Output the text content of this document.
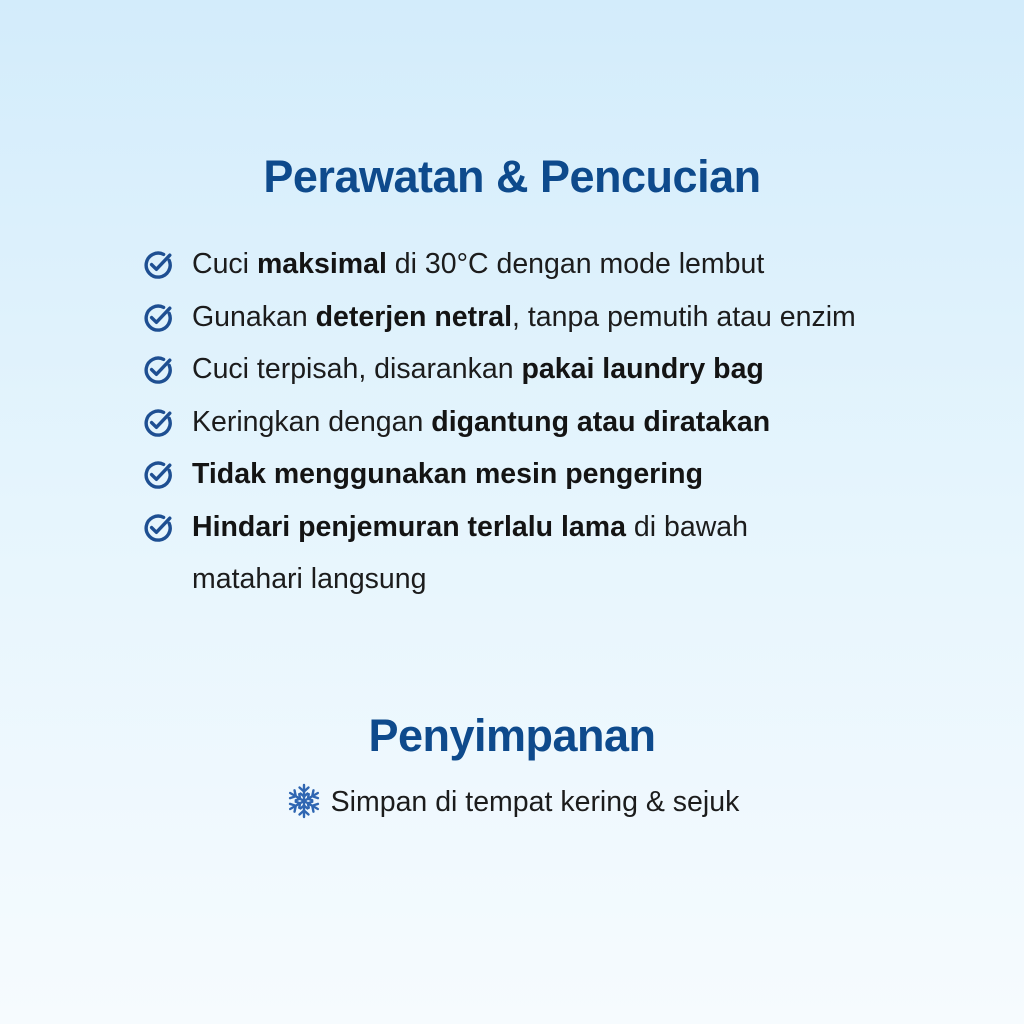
Perawatan & Pencucian
Cuci maksimal di 30°C dengan mode lembut
Gunakan deterjen netral, tanpa pemutih atau enzim
Cuci terpisah, disarankan pakai laundry bag
Keringkan dengan digantung atau diratakan
Tidak menggunakan mesin pengering
Hindari penjemuran terlalu lama di bawah matahari langsung
Penyimpanan
Simpan di tempat kering & sejuk
